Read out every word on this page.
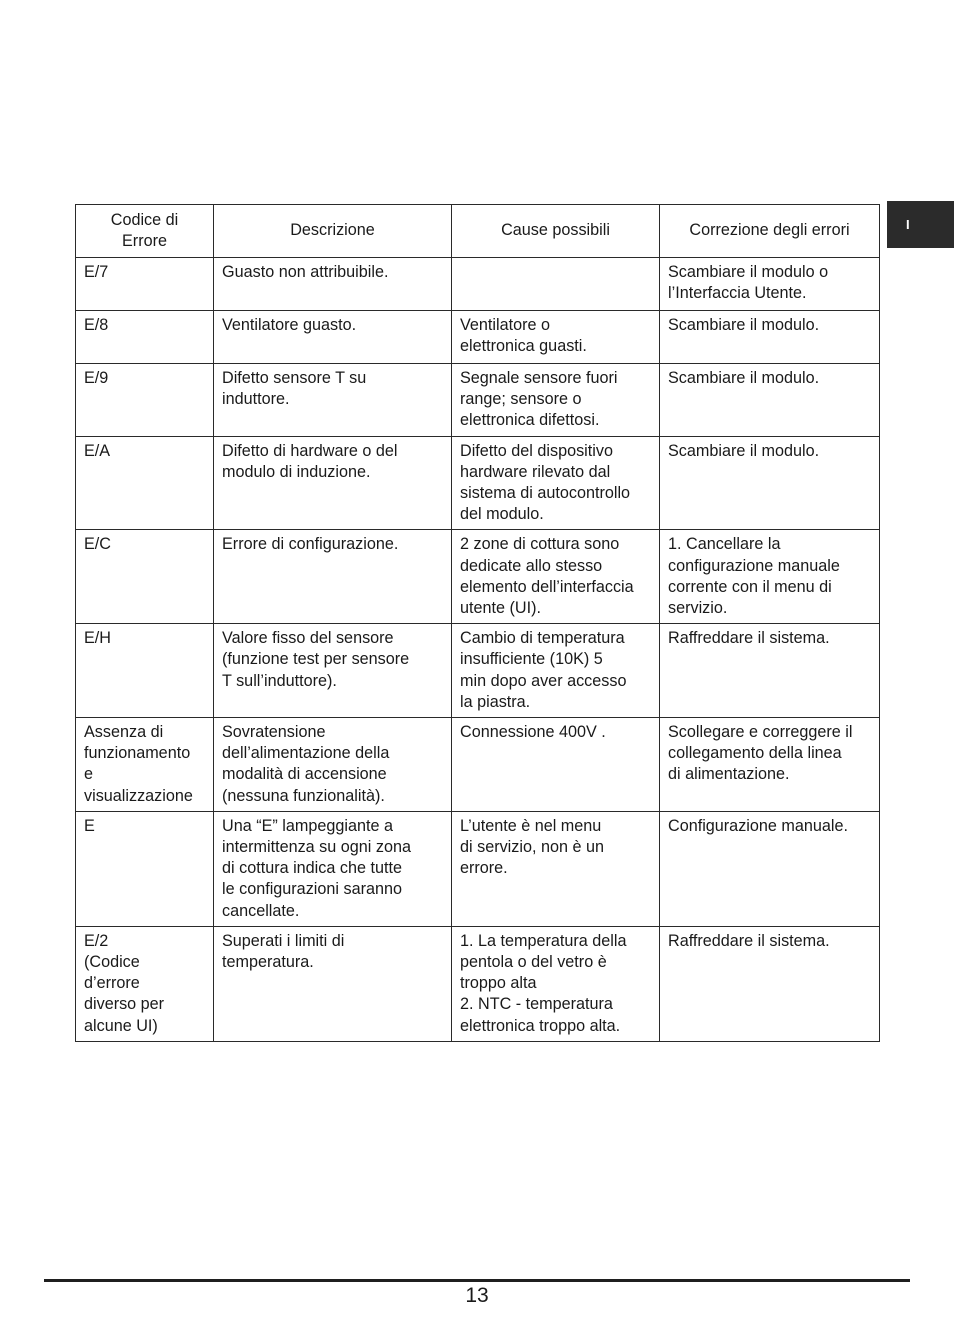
I
Codice di
Errore	Descrizione	Cause possibili	Correzione degli errori
E/7	Guasto non attribuibile.		Scambiare il modulo o
l’Interfaccia Utente.
E/8	Ventilatore guasto.	Ventilatore o
elettronica guasti.	Scambiare il modulo.
E/9	Difetto sensore T su
induttore.	Segnale sensore fuori
range; sensore o
elettronica difettosi.	Scambiare il modulo.
E/A	Difetto di hardware o del
modulo di induzione.	Difetto del dispositivo
hardware rilevato dal
sistema di autocontrollo
del modulo.	Scambiare il modulo.
E/C	Errore di configurazione.	2 zone di cottura sono
dedicate allo stesso
elemento dell’interfaccia
utente (UI).	1. Cancellare la
configurazione manuale
corrente con il menu di
servizio.
E/H	Valore fisso del sensore
(funzione test per sensore
T sull’induttore).	Cambio di temperatura
insufficiente (10K) 5
min dopo aver accesso
la piastra.	Raffreddare il sistema.
Assenza di
funzionamento
e
visualizzazione	Sovratensione
dell’alimentazione della
modalità di accensione
(nessuna funzionalità).	Connessione 400V .	Scollegare e correggere il
collegamento della linea
di alimentazione.
E	Una “E” lampeggiante a
intermittenza su ogni zona
di cottura indica che tutte
le configurazioni saranno
cancellate.	L’utente è nel menu
di servizio, non è un
errore.	Configurazione manuale.
E/2
(Codice
d’errore
diverso per
alcune UI)	Superati i limiti di
temperatura.	1. La temperatura della
pentola o del vetro è
troppo alta
2. NTC - temperatura
elettronica troppo alta.	Raffreddare il sistema.
13
